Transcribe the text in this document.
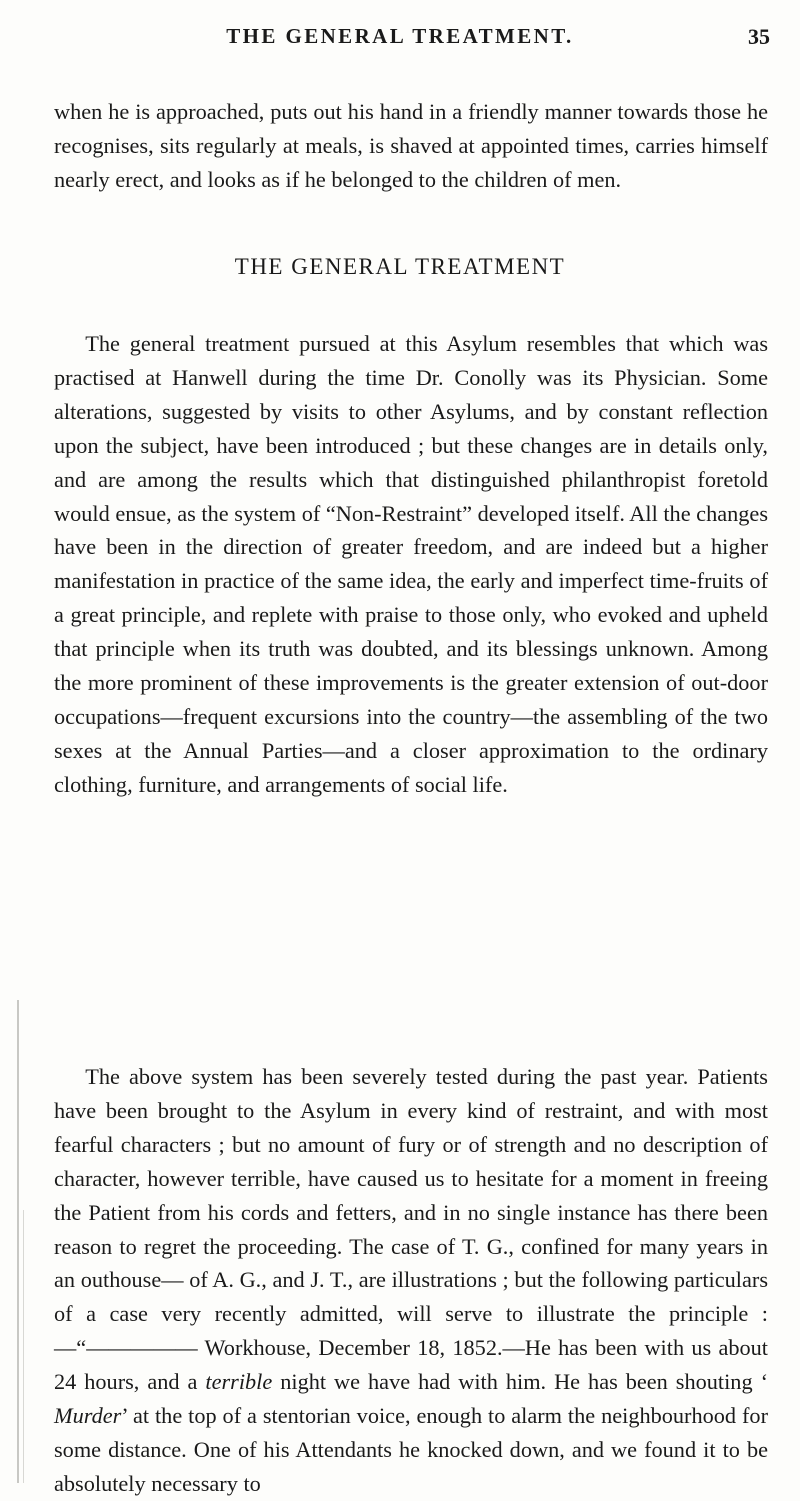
THE GENERAL TREATMENT.	35

when he is approached, puts out his hand in a friendly manner towards those he recognises, sits regularly at meals, is shaved at appointed times, carries himself nearly erect, and looks as if he belonged to the children of men.

THE GENERAL TREATMENT

The general treatment pursued at this Asylum resembles that which was practised at Hanwell during the time Dr. Conolly was its Physician. Some alterations, suggested by visits to other Asylums, and by constant reflection upon the subject, have been introduced ; but these changes are in details only, and are among the results which that distinguished philanthropist foretold would ensue, as the system of “Non-Restraint” developed itself. All the changes have been in the direction of greater freedom, and are indeed but a higher manifestation in practice of the same idea, the early and imperfect time-fruits of a great principle, and replete with praise to those only, who evoked and upheld that principle when its truth was doubted, and its blessings unknown. Among the more prominent of these improvements is the greater extension of out-door occupations—frequent excursions into the country—the assembling of the two sexes at the Annual Parties—and a closer approximation to the ordinary clothing, furniture, and arrangements of social life.

The above system has been severely tested during the past year. Patients have been brought to the Asylum in every kind of restraint, and with most fearful characters ; but no amount of fury or of strength and no description of character, however terrible, have caused us to hesitate for a moment in freeing the Patient from his cords and fetters, and in no single instance has there been reason to regret the proceeding. The case of T. G., confined for many years in an outhouse— of A. G., and J. T., are illustrations ; but the following particulars of a case very recently admitted, will serve to illustrate the principle : —“————— Workhouse, December 18, 1852.—He has been with us about 24 hours, and a terrible night we have had with him. He has been shouting ‘ Murder’ at the top of a stentorian voice, enough to alarm the neighbourhood for some distance. One of his Attendants he knocked down, and we found it to be absolutely necessary to
